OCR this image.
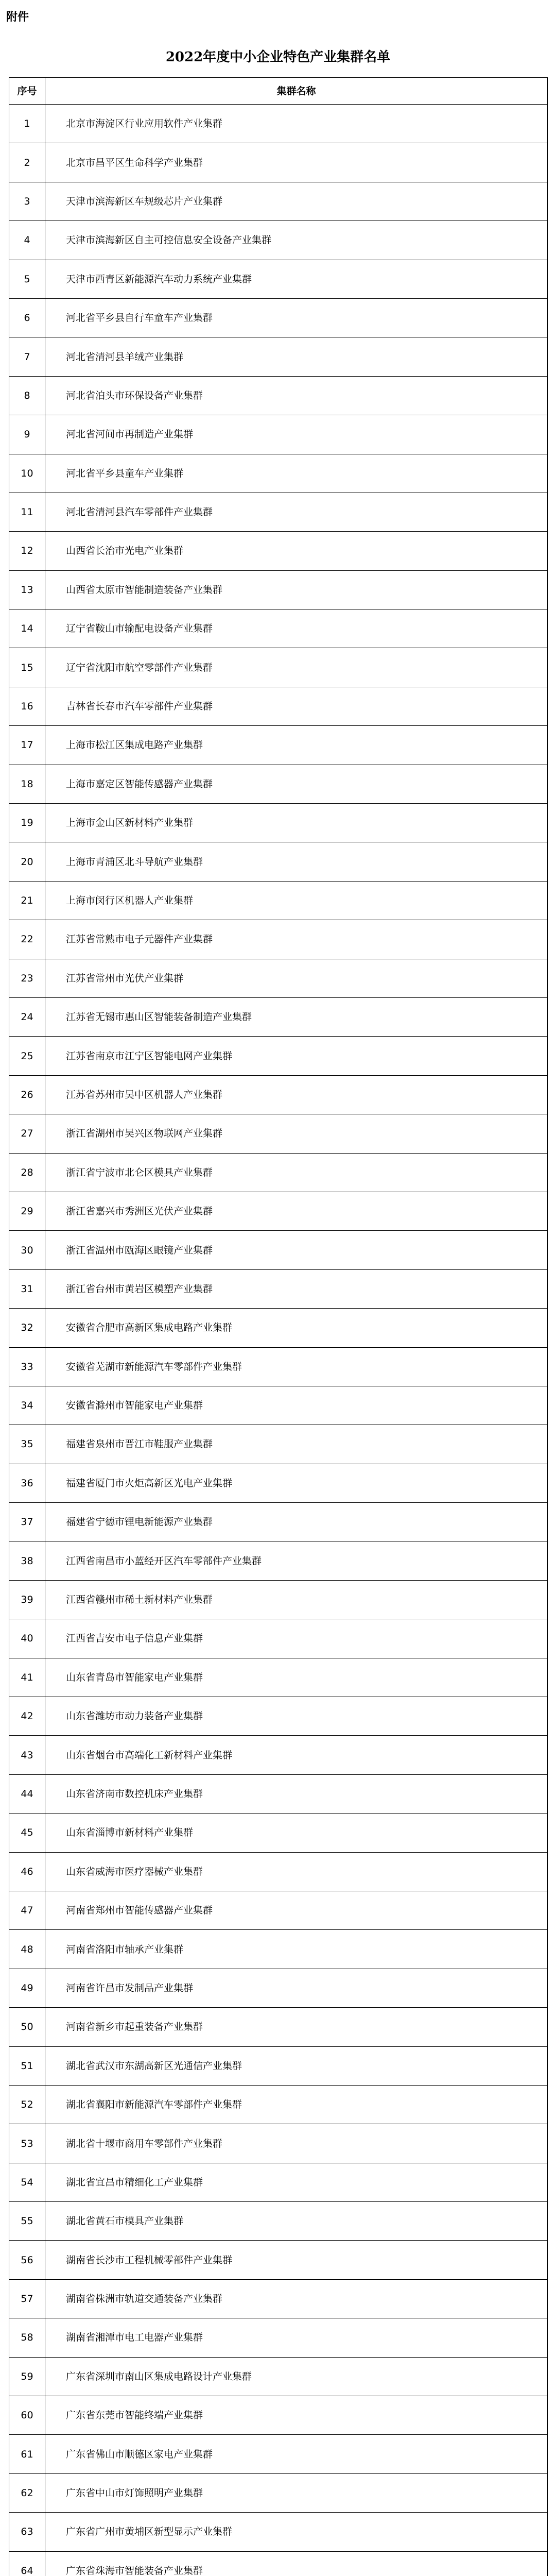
附件
2022年度中小企业特色产业集群名单
序号	集群名称
1	北京市海淀区行业应用软件产业集群
2	北京市昌平区生命科学产业集群
3	天津市滨海新区车规级芯片产业集群
4	天津市滨海新区自主可控信息安全设备产业集群
5	天津市西青区新能源汽车动力系统产业集群
6	河北省平乡县自行车童车产业集群
7	河北省清河县羊绒产业集群
8	河北省泊头市环保设备产业集群
9	河北省河间市再制造产业集群
10	河北省平乡县童车产业集群
11	河北省清河县汽车零部件产业集群
12	山西省长治市光电产业集群
13	山西省太原市智能制造装备产业集群
14	辽宁省鞍山市输配电设备产业集群
15	辽宁省沈阳市航空零部件产业集群
16	吉林省长春市汽车零部件产业集群
17	上海市松江区集成电路产业集群
18	上海市嘉定区智能传感器产业集群
19	上海市金山区新材料产业集群
20	上海市青浦区北斗导航产业集群
21	上海市闵行区机器人产业集群
22	江苏省常熟市电子元器件产业集群
23	江苏省常州市光伏产业集群
24	江苏省无锡市惠山区智能装备制造产业集群
25	江苏省南京市江宁区智能电网产业集群
26	江苏省苏州市吴中区机器人产业集群
27	浙江省湖州市吴兴区物联网产业集群
28	浙江省宁波市北仑区模具产业集群
29	浙江省嘉兴市秀洲区光伏产业集群
30	浙江省温州市瓯海区眼镜产业集群
31	浙江省台州市黄岩区模塑产业集群
32	安徽省合肥市高新区集成电路产业集群
33	安徽省芜湖市新能源汽车零部件产业集群
34	安徽省滁州市智能家电产业集群
35	福建省泉州市晋江市鞋服产业集群
36	福建省厦门市火炬高新区光电产业集群
37	福建省宁德市锂电新能源产业集群
38	江西省南昌市小蓝经开区汽车零部件产业集群
39	江西省赣州市稀土新材料产业集群
40	江西省吉安市电子信息产业集群
41	山东省青岛市智能家电产业集群
42	山东省潍坊市动力装备产业集群
43	山东省烟台市高端化工新材料产业集群
44	山东省济南市数控机床产业集群
45	山东省淄博市新材料产业集群
46	山东省威海市医疗器械产业集群
47	河南省郑州市智能传感器产业集群
48	河南省洛阳市轴承产业集群
49	河南省许昌市发制品产业集群
50	河南省新乡市起重装备产业集群
51	湖北省武汉市东湖高新区光通信产业集群
52	湖北省襄阳市新能源汽车零部件产业集群
53	湖北省十堰市商用车零部件产业集群
54	湖北省宜昌市精细化工产业集群
55	湖北省黄石市模具产业集群
56	湖南省长沙市工程机械零部件产业集群
57	湖南省株洲市轨道交通装备产业集群
58	湖南省湘潭市电工电器产业集群
59	广东省深圳市南山区集成电路设计产业集群
60	广东省东莞市智能终端产业集群
61	广东省佛山市顺德区家电产业集群
62	广东省中山市灯饰照明产业集群
63	广东省广州市黄埔区新型显示产业集群
64	广东省珠海市智能装备产业集群
